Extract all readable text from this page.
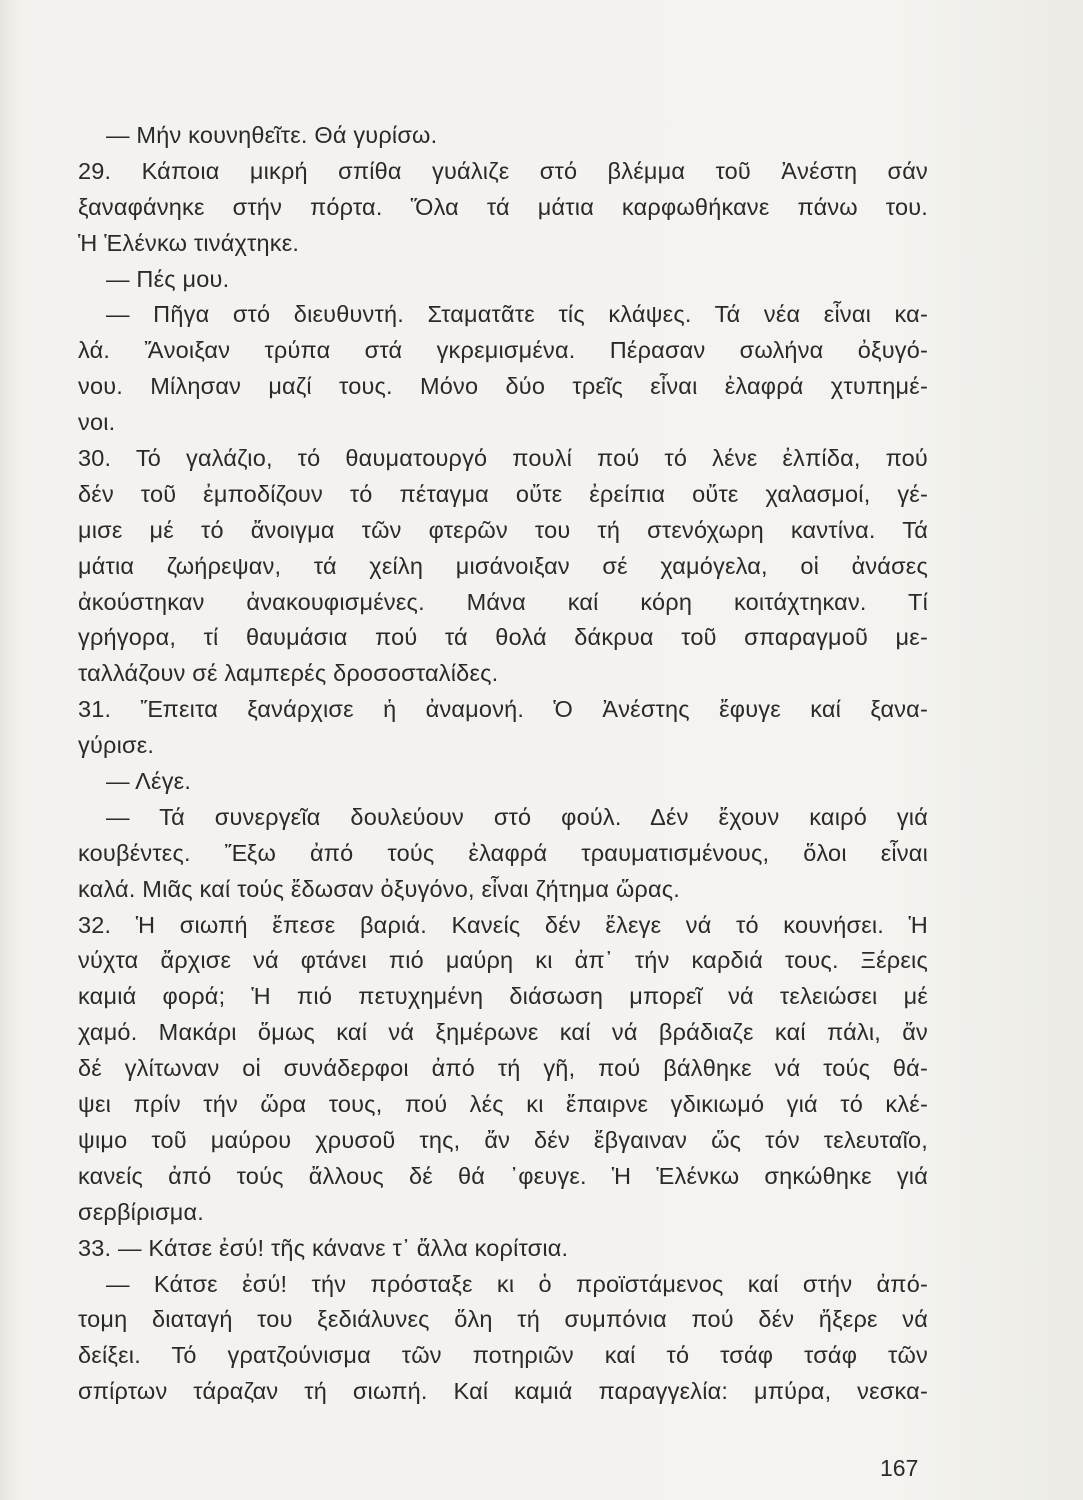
— Μήν κουνηθεῖτε. Θά γυρίσω.
29. Κάποια μικρή σπίθα γυάλιζε στό βλέμμα τοῦ Ἀνέστη σάν
ξαναφάνηκε στήν πόρτα. Ὅλα τά μάτια καρφωθήκανε πάνω του.
Ἡ Ἑλένκω τινάχτηκε.
— Πές μου.
— Πῆγα στό διευθυντή. Σταματᾶτε τίς κλάψες. Τά νέα εἶναι κα-
λά. Ἄνοιξαν τρύπα στά γκρεμισμένα. Πέρασαν σωλήνα ὀξυγό-
νου. Μίλησαν μαζί τους. Μόνο δύο τρεῖς εἶναι ἐλαφρά χτυπημέ-
νοι.
30. Τό γαλάζιο, τό θαυματουργό πουλί πού τό λένε ἐλπίδα, πού
δέν τοῦ ἐμποδίζουν τό πέταγμα οὔτε ἐρείπια οὔτε χαλασμοί, γέ-
μισε μέ τό ἄνοιγμα τῶν φτερῶν του τή στενόχωρη καντίνα. Τά
μάτια ζωήρεψαν, τά χείλη μισάνοιξαν σέ χαμόγελα, οἱ ἀνάσες
ἀκούστηκαν ἀνακουφισμένες. Μάνα καί κόρη κοιτάχτηκαν. Τί
γρήγορα, τί θαυμάσια πού τά θολά δάκρυα τοῦ σπαραγμοῦ με-
ταλλάζουν σέ λαμπερές δροσοσταλίδες.
31. Ἔπειτα ξανάρχισε ἡ ἀναμονή. Ὁ Ἀνέστης ἔφυγε καί ξανα-
γύρισε.
— Λέγε.
— Τά συνεργεῖα δουλεύουν στό φούλ. Δέν ἔχουν καιρό γιά
κουβέντες. Ἔξω ἀπό τούς ἐλαφρά τραυματισμένους, ὅλοι εἶναι
καλά. Μιᾶς καί τούς ἔδωσαν ὀξυγόνο, εἶναι ζήτημα ὥρας.
32. Ἡ σιωπή ἔπεσε βαριά. Κανείς δέν ἔλεγε νά τό κουνήσει. Ἡ
νύχτα ἄρχισε νά φτάνει πιό μαύρη κι ἀπ᾽ τήν καρδιά τους. Ξέρεις
καμιά φορά; Ἡ πιό πετυχημένη διάσωση μπορεῖ νά τελειώσει μέ
χαμό. Μακάρι ὅμως καί νά ξημέρωνε καί νά βράδιαζε καί πάλι, ἄν
δέ γλίτωναν οἱ συνάδερφοι ἀπό τή γῆ, πού βάλθηκε νά τούς θά-
ψει πρίν τήν ὥρα τους, πού λές κι ἔπαιρνε γδικιωμό γιά τό κλέ-
ψιμο τοῦ μαύρου χρυσοῦ της, ἄν δέν ἔβγαιναν ὥς τόν τελευταῖο,
κανείς ἀπό τούς ἄλλους δέ θά ᾽φευγε. Ἡ Ἑλένκω σηκώθηκε γιά
σερβίρισμα.
33. — Κάτσε ἐσύ! τῆς κάνανε τ᾽ ἄλλα κορίτσια.
— Κάτσε ἐσύ! τήν πρόσταξε κι ὁ προϊστάμενος καί στήν ἀπό-
τομη διαταγή του ξεδιάλυνες ὅλη τή συμπόνια πού δέν ἤξερε νά
δείξει. Τό γρατζούνισμα τῶν ποτηριῶν καί τό τσάφ τσάφ τῶν
σπίρτων τάραζαν τή σιωπή. Καί καμιά παραγγελία: μπύρα, νεσκα-
167
